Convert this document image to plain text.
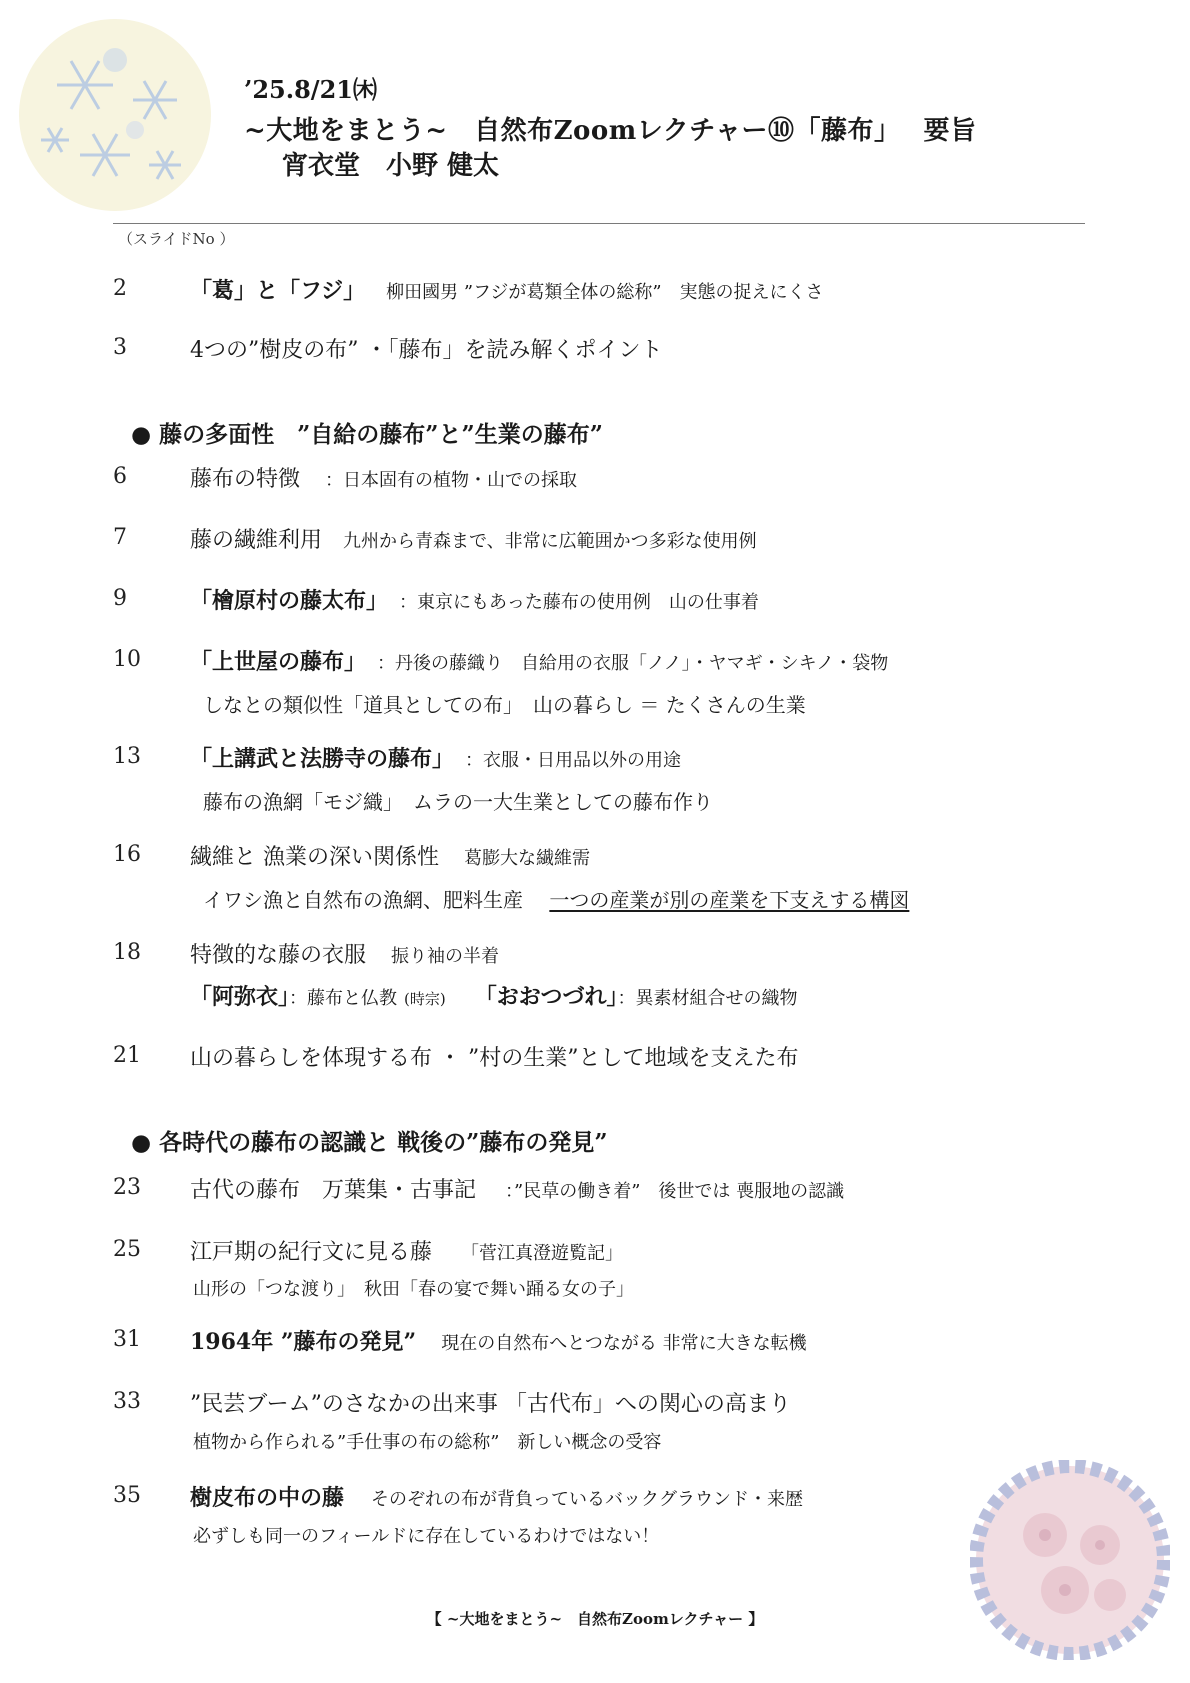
’25.8/21㈭
~大地をまとう~　自然布Zoomレクチャー⑩「藤布」　 要旨
宵衣堂　小野 健太
（スライドNo ）
2	「葛」と「フジ」 柳田國男 ”フジが葛類全体の総称”　実態の捉えにくさ
3	4つの”樹皮の布” ・「藤布」を読み解くポイント
● 藤の多面性　”自給の藤布”と”生業の藤布”
6	藤布の特徴 ：日本固有の植物・山での採取
7	藤の繊維利用 九州から青森まで、非常に広範囲かつ多彩な使用例
9	「檜原村の藤太布」 ：東京にもあった藤布の使用例　山の仕事着
10	「上世屋の藤布」 ：丹後の藤織り　自給用の衣服「ノノ」・ヤマギ・シキノ・袋物
しなとの類似性「道具としての布」　山の暮らし ＝ たくさんの生業
13	「上講武と法勝寺の藤布」 ：衣服・日用品以外の用途
藤布の漁網「モジ織」　ムラの一大生業としての藤布作り
16	繊維と 漁業の深い関係性 葛膨大な繊維需
イワシ漁と自然布の漁網、肥料生産 一つの産業が別の産業を下支えする構図
18	特徴的な藤の衣服 振り袖の半着
「阿弥衣」：藤布と仏教 (時宗) 「おおつづれ」：異素材組合せの織物
21	山の暮らしを体現する布 ・ ”村の生業”として地域を支えた布
● 各時代の藤布の認識と 戦後の”藤布の発見”
23	古代の藤布　万葉集・古事記 ：”民草の働き着”　後世では 喪服地の認識
25	江戸期の紀行文に見る藤 「菅江真澄遊覧記」
山形の「つな渡り」　秋田「春の宴で舞い踊る女の子」
31	1964年 ”藤布の発見” 現在の自然布へとつながる 非常に大きな転機
33	”民芸ブーム”のさなかの出来事 「古代布」への関心の高まり
植物から作られる”手仕事の布の総称”　新しい概念の受容
35	樹皮布の中の藤 そのぞれの布が背負っているバックグラウンド・来歴
必ずしも同一のフィールドに存在しているわけではない！
【 ~大地をまとう~　自然布Zoomレクチャー 】
